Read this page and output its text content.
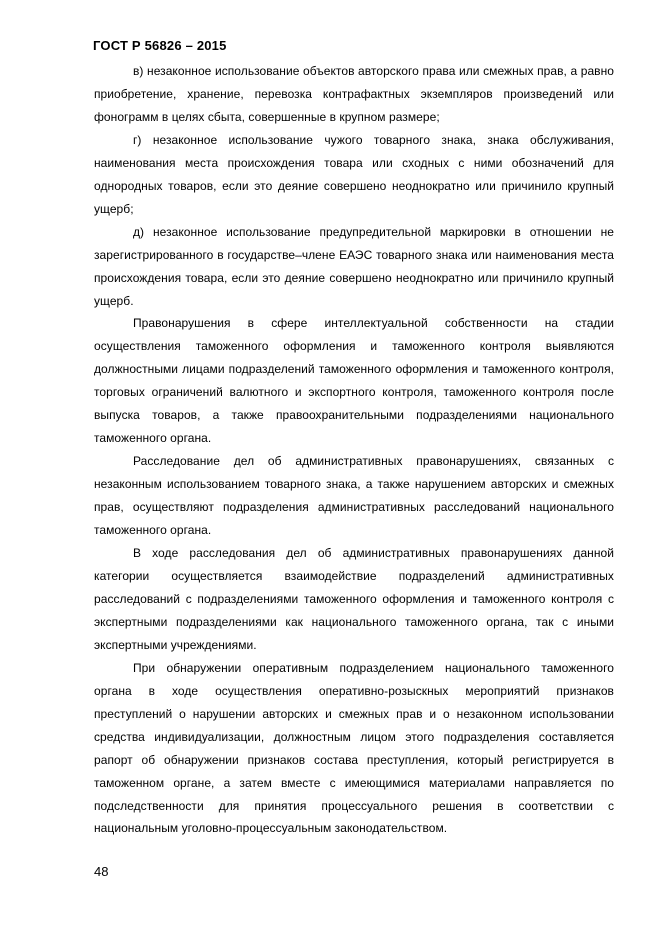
ГОСТ Р 56826 – 2015

в) незаконное использование объектов авторского права или смежных прав, а равно приобретение, хранение, перевозка контрафактных экземпляров произведений или фонограмм в целях сбыта, совершенные в крупном размере;

г) незаконное использование чужого товарного знака, знака обслуживания, наименования места происхождения товара или сходных с ними обозначений для однородных товаров, если это деяние совершено неоднократно или причинило крупный ущерб;

д) незаконное использование предупредительной маркировки в отношении не зарегистрированного в государстве–члене ЕАЭС товарного знака или наименования места происхождения товара, если это деяние совершено неоднократно или причинило крупный ущерб.

Правонарушения в сфере интеллектуальной собственности на стадии осуществления таможенного оформления и таможенного контроля выявляются должностными лицами подразделений таможенного оформления и таможенного контроля, торговых ограничений валютного и экспортного контроля, таможенного контроля после выпуска товаров, а также правоохранительными подразделениями национального таможенного органа.

Расследование дел об административных правонарушениях, связанных с незаконным использованием товарного знака, а также нарушением авторских и смежных прав, осуществляют подразделения административных расследований национального таможенного органа.

В ходе расследования дел об административных правонарушениях данной категории осуществляется взаимодействие подразделений административных расследований с подразделениями таможенного оформления и таможенного контроля с экспертными подразделениями как национального таможенного органа, так с иными экспертными учреждениями.

При обнаружении оперативным подразделением национального таможенного органа в ходе осуществления оперативно-розыскных мероприятий признаков преступлений о нарушении авторских и смежных прав и о незаконном использовании средства индивидуализации, должностным лицом этого подразделения составляется рапорт об обнаружении признаков состава преступления, который регистрируется в таможенном органе, а затем вместе с имеющимися материалами направляется по подследственности для принятия процессуального решения в соответствии с национальным уголовно-процессуальным законодательством.

48
